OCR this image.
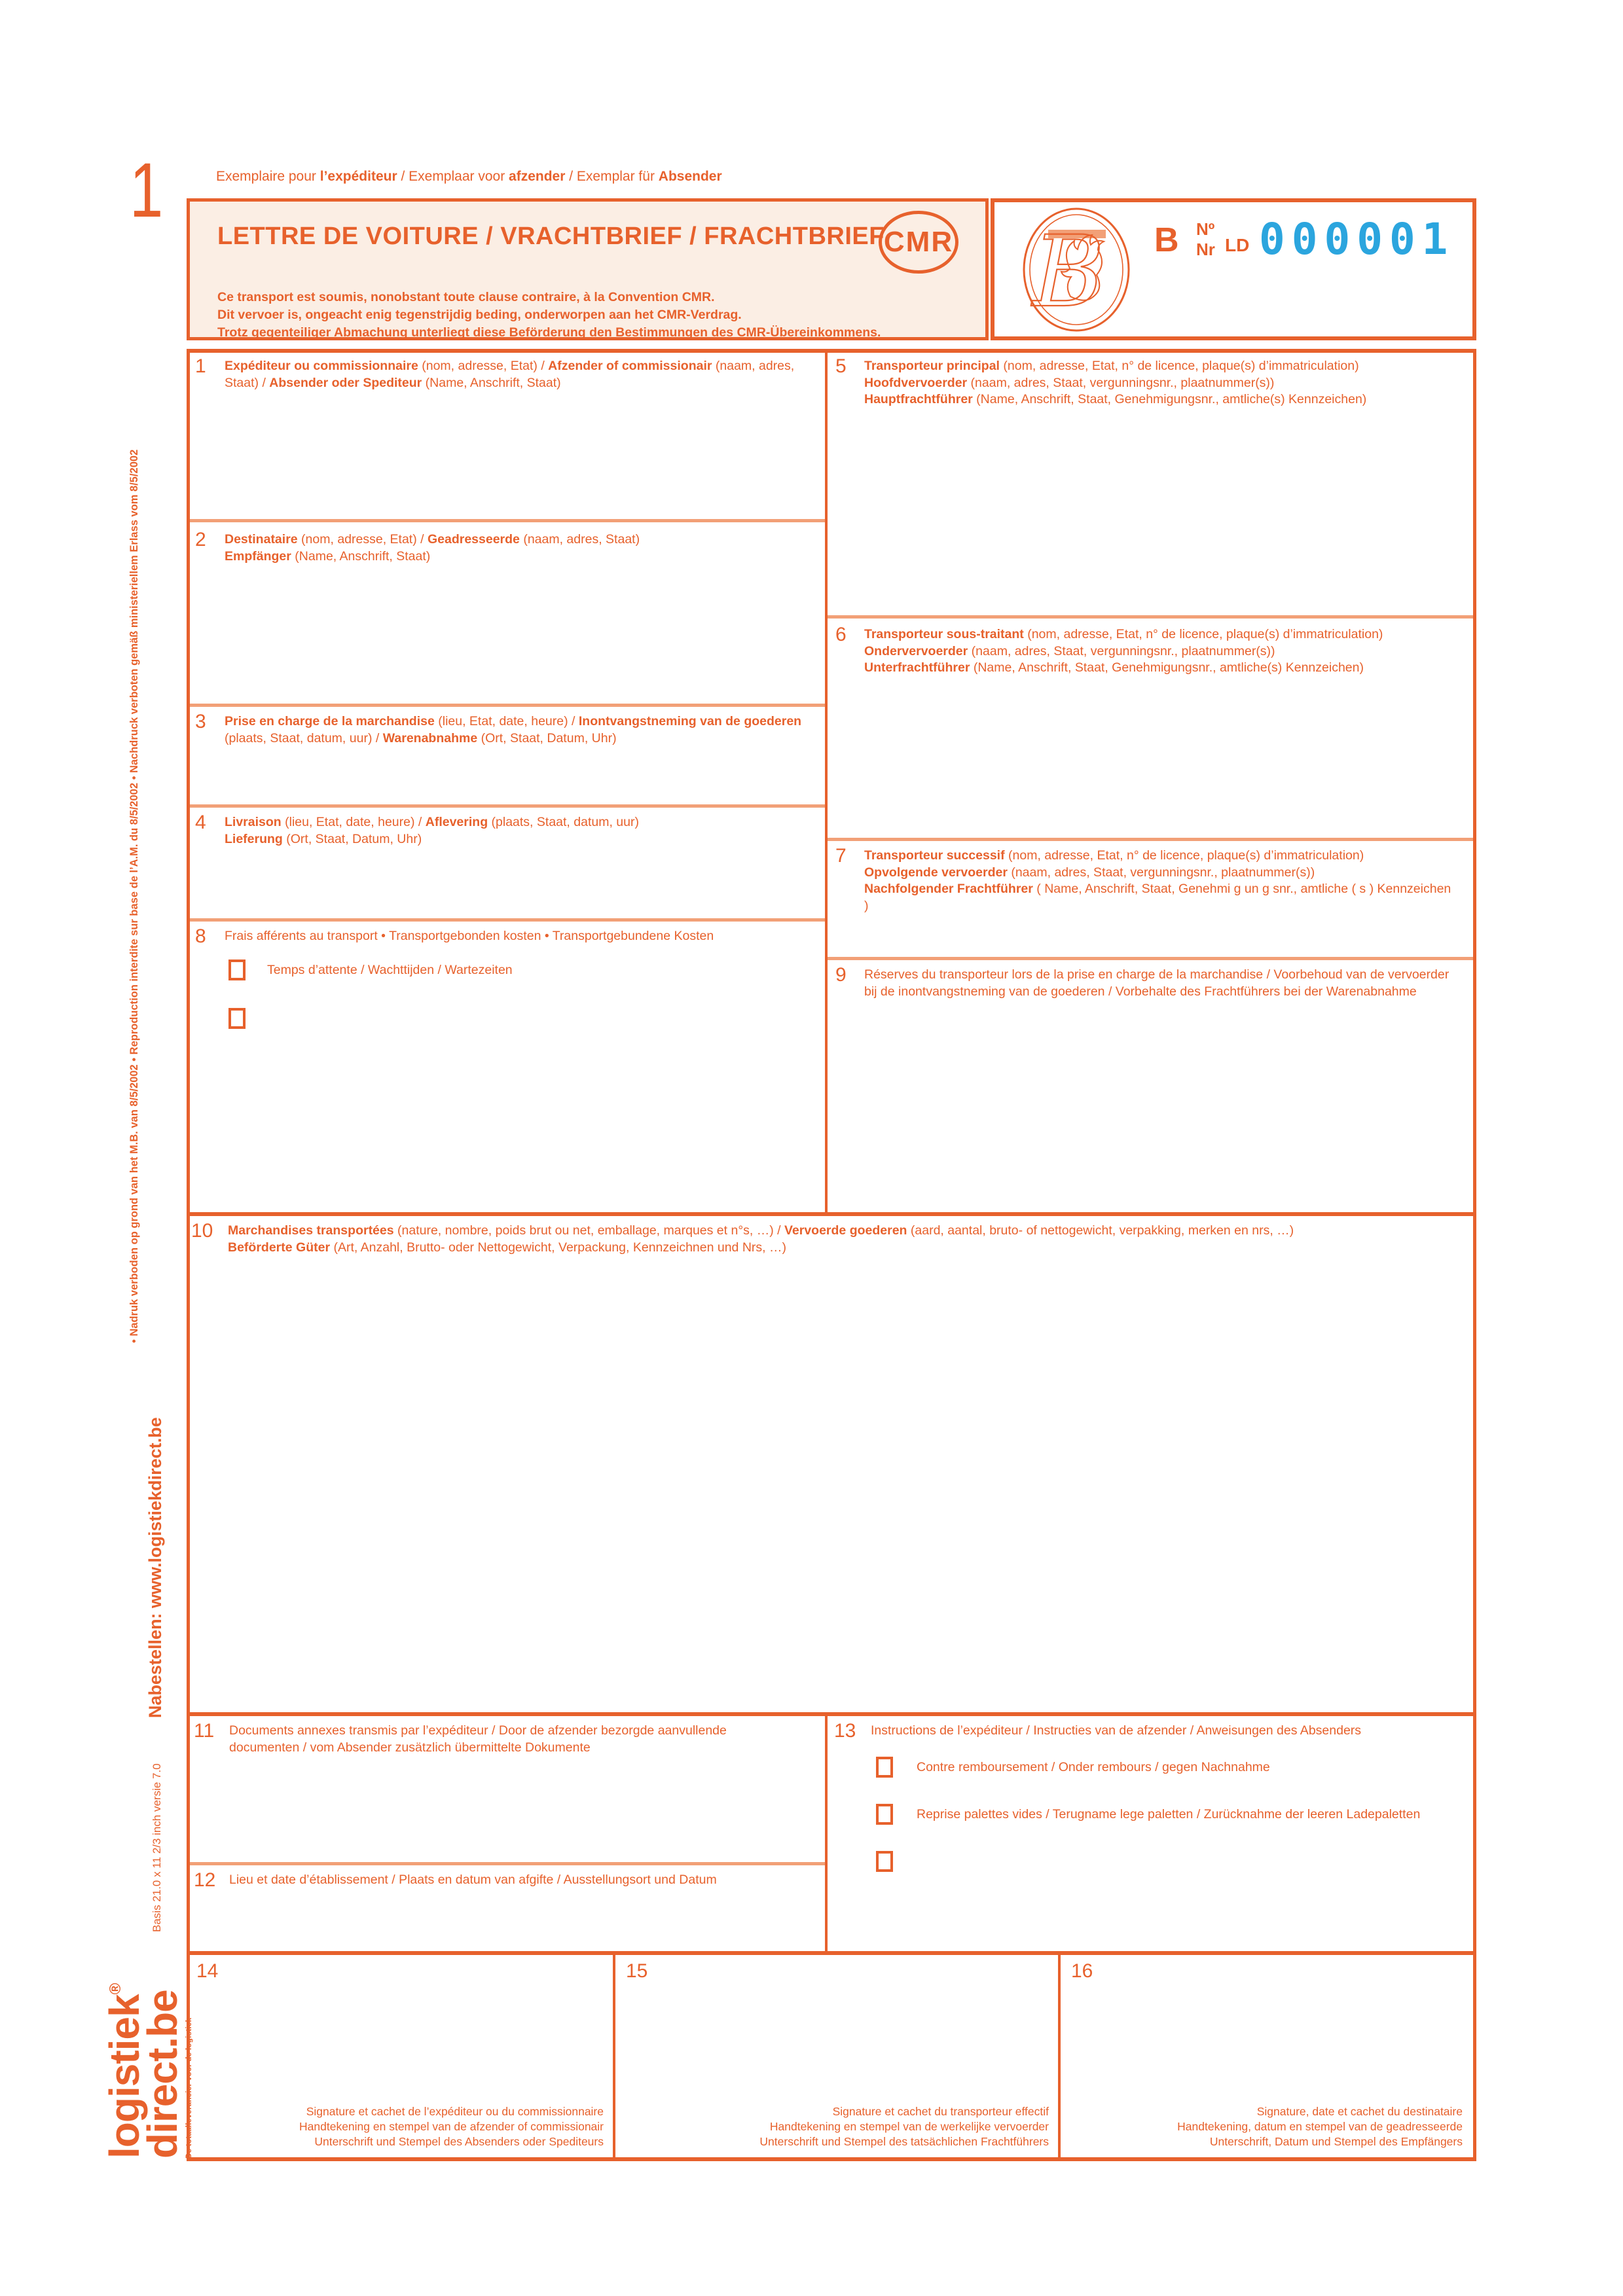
1	Exemplaire pour l’expéditeur / Exemplaar voor afzender / Exemplar für Absender
LETTRE DE VOITURE / VRACHTBRIEF / FRACHTBRIEF
Ce transport est soumis, nonobstant toute clause contraire, à la Convention CMR.
Dit vervoer is, ongeacht enig tegenstrijdig beding, onderworpen aan het CMR-Verdrag.
Trotz gegenteiliger Abmachung unterliegt diese Beförderung den Bestimmungen des CMR-Übereinkommens.
CMR B B Nº
Nr LD 000001
1 Expéditeur ou commissionnaire (nom, adresse, Etat) / Afzender of commissionair (naam, adres, Staat) / Absender oder Spediteur (Name, Anschrift, Staat)
2 Destinataire (nom, adresse, Etat) / Geadresseerde (naam, adres, Staat)
Empfänger (Name, Anschrift, Staat)
3 Prise en charge de la marchandise (lieu, Etat, date, heure) / Inontvangstneming van de goederen (plaats, Staat, datum, uur) / Warenabnahme (Ort, Staat, Datum, Uhr)
4 Livraison (lieu, Etat, date, heure) / Aflevering (plaats, Staat, datum, uur)
Lieferung (Ort, Staat, Datum, Uhr)
8 Frais afférents au transport • Transportgebonden kosten • Transportgebundene Kosten
Temps d’attente / Wachttijden / Wartezeiten
5 Transporteur principal (nom, adresse, Etat, n° de licence, plaque(s) d’immatriculation)
Hoofdvervoerder (naam, adres, Staat, vergunningsnr., plaatnummer(s))
Hauptfrachtführer (Name, Anschrift, Staat, Genehmigungsnr., amtliche(s) Kennzeichen)
6 Transporteur sous-traitant (nom, adresse, Etat, n° de licence, plaque(s) d’immatriculation)
Ondervervoerder (naam, adres, Staat, vergunningsnr., plaatnummer(s))
Unterfrachtführer (Name, Anschrift, Staat, Genehmigungsnr., amtliche(s) Kennzeichen)
7 Transporteur successif (nom, adresse, Etat, n° de licence, plaque(s) d’immatriculation)
Opvolgende vervoerder (naam, adres, Staat, vergunningsnr., plaatnummer(s))
Nachfolgender Frachtführer ( Name, Anschrift, Staat, Genehmi g un g snr., amtliche ( s ) Kennzeichen )
9 Réserves du transporteur lors de la prise en charge de la marchandise / Voorbehoud van de vervoerder bij de inontvangstneming van de goederen / Vorbehalte des Frachtführers bei der Warenabnahme
10 Marchandises transportées (nature, nombre, poids brut ou net, emballage, marques et n°s, …) / Vervoerde goederen (aard, aantal, bruto- of nettogewicht, verpakking, merken en nrs, …)
Beförderte Güter (Art, Anzahl, Brutto- oder Nettogewicht, Verpackung, Kennzeichnen und Nrs, …)
11 Documents annexes transmis par l’expéditeur / Door de afzender bezorgde aanvullende documenten / vom Absender zusätzlich übermittelte Dokumente
12 Lieu et date d’établissement / Plaats en datum van afgifte / Ausstellungsort und Datum
13 Instructions de l’expéditeur / Instructies van de afzender / Anweisungen des Absenders
Contre remboursement / Onder rembours / gegen Nachnahme
Reprise palettes vides / Terugname lege paletten / Zurücknahme der leeren Ladepaletten
14
Signature et cachet de l’expéditeur ou du commissionnaire
Handtekening en stempel van de afzender of commissionair
Unterschrift und Stempel des Absenders oder Spediteurs
15
Signature et cachet du transporteur effectif
Handtekening en stempel van de werkelijke vervoerder
Unterschrift und Stempel des tatsächlichen Frachtführers
16
Signature, date et cachet du destinataire
Handtekening, datum en stempel van de geadresseerde
Unterschrift, Datum und Stempel des Empfängers
• Nadruk verboden op grond van het M.B. van 8/5/2002 • Reproduction interdite sur base de l’A.M. du 8/5/2002 • Nachdruck verboten gemäß ministeriellem Erlass vom 8/5/2002
Nabestellen: www.logistiekdirect.be
Basis 21.0 x 11 2/3 inch versie 7.0
logistiek®
direct.be De totaalleverancier voor de logistiek
